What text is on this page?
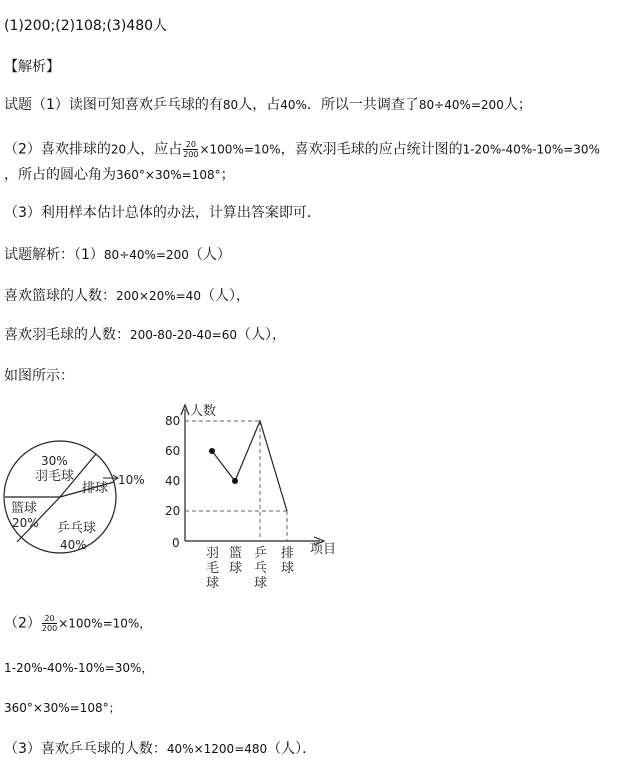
(1)200;(2)108;(3)480人
【解析】
试题（1）读图可知喜欢乒乓球的有80人，占40%．所以一共调查了80÷40%=200人；
（2）喜欢排球的20人，应占 $\frac{20}{200} \times 100\%=10\%$，喜欢羽毛球的应占统计图的1-20%-40%-10%=30%
，所占的圆心角为360°×30%=108°；
（3）利用样本估计总体的办法，计算出答案即可．
试题解析：（1）80÷40%=200（人）
喜欢篮球的人数：200×20%=40（人），
喜欢羽毛球的人数：200-80-20-40=60（人），
如图所示：
30%
羽毛球
排球
10%
篮球
20% 乒乓球
40%
人数
项目
0
80
60
40
20
羽
毛
球
篮
球
乒
乓
球
排
球
$(2) \frac{20}{200} \times 100\%=10\%$，
1-20%-40%-10%=30%，
360°×30%=108°；
（3）喜欢乒乓球的人数：40%×1200=480（人）．
